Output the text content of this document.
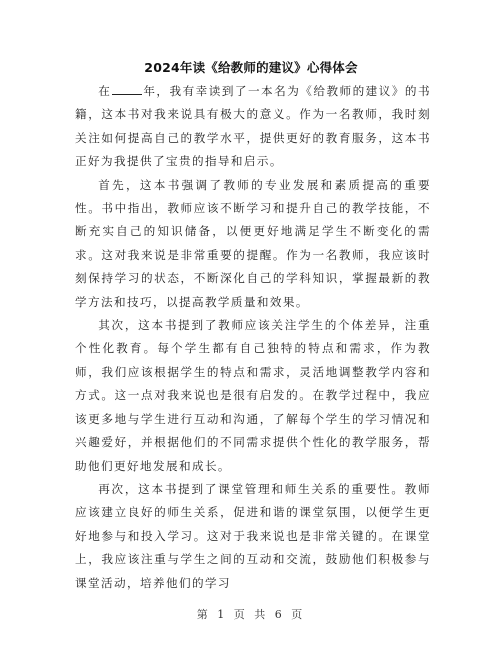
2024年读《给教师的建议》心得体会

在	年，我有幸读到了一本名为《给教师的建议》的书籍，这本书对我来说具有极大的意义。作为一名教师，我时刻关注如何提高自己的教学水平，提供更好的教育服务，这本书正好为我提供了宝贵的指导和启示。

首先，这本书强调了教师的专业发展和素质提高的重要性。书中指出，教师应该不断学习和提升自己的教学技能，不断充实自己的知识储备，以便更好地满足学生不断变化的需求。这对我来说是非常重要的提醒。作为一名教师，我应该时刻保持学习的状态，不断深化自己的学科知识，掌握最新的教学方法和技巧，以提高教学质量和效果。

其次，这本书提到了教师应该关注学生的个体差异，注重个性化教育。每个学生都有自己独特的特点和需求，作为教师，我们应该根据学生的特点和需求，灵活地调整教学内容和方式。这一点对我来说也是很有启发的。在教学过程中，我应该更多地与学生进行互动和沟通，了解每个学生的学习情况和兴趣爱好，并根据他们的不同需求提供个性化的教学服务，帮助他们更好地发展和成长。

再次，这本书提到了课堂管理和师生关系的重要性。教师应该建立良好的师生关系，促进和谐的课堂氛围，以便学生更好地参与和投入学习。这对于我来说也是非常关键的。在课堂上，我应该注重与学生之间的互动和交流，鼓励他们积极参与课堂活动，培养他们的学习

第 1 页 共 6 页
